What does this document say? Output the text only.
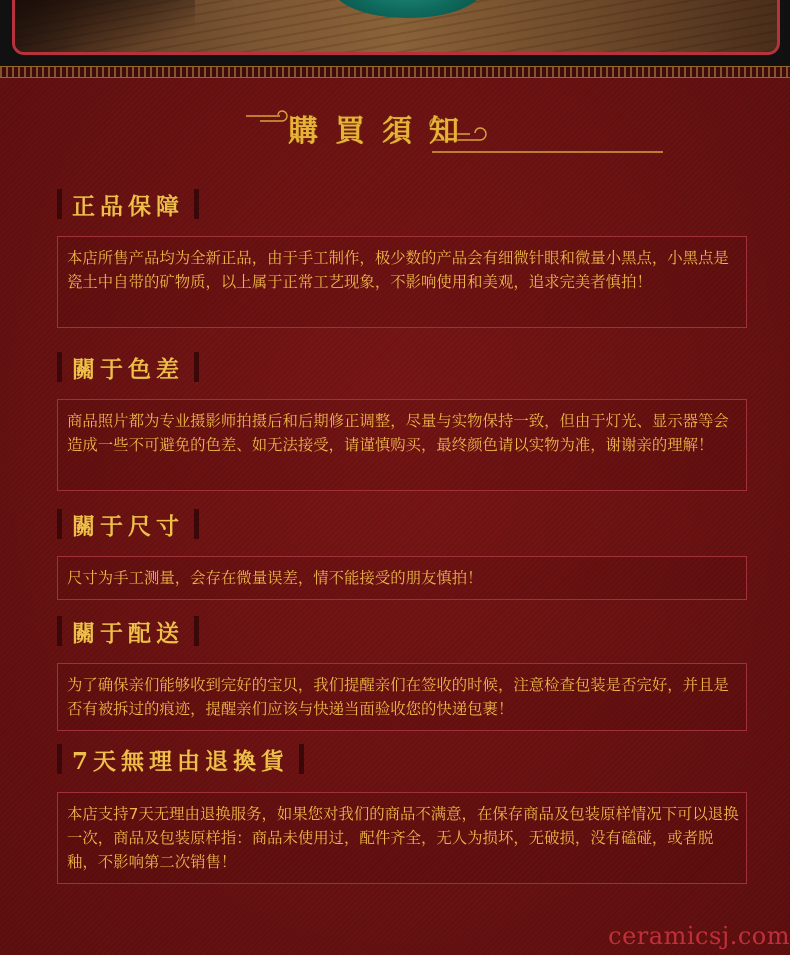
購買須知
正品保障
本店所售产品均为全新正品，由于手工制作，极少数的产品会有细微针眼和微量小黑点，小黑点是瓷土中自带的矿物质，以上属于正常工艺现象，不影响使用和美观，追求完美者慎拍！
關于色差
商品照片都为专业摄影师拍摄后和后期修正调整，尽量与实物保持一致，但由于灯光、显示器等会造成一些不可避免的色差、如无法接受，请谨慎购买，最终颜色请以实物为准，谢谢亲的理解！
關于尺寸
尺寸为手工测量，会存在微量误差，情不能接受的朋友慎拍！
關于配送
为了确保亲们能够收到完好的宝贝，我们提醒亲们在签收的时候，注意检查包装是否完好，并且是否有被拆过的痕迹，提醒亲们应该与快递当面验收您的快递包裹！
7天無理由退換貨
本店支持7天无理由退换服务，如果您对我们的商品不满意，在保存商品及包装原样情况下可以退换一次，商品及包装原样指：商品未使用过，配件齐全，无人为损坏，无破损，没有磕碰，或者脱釉，不影响第二次销售！
ceramicsj.com
